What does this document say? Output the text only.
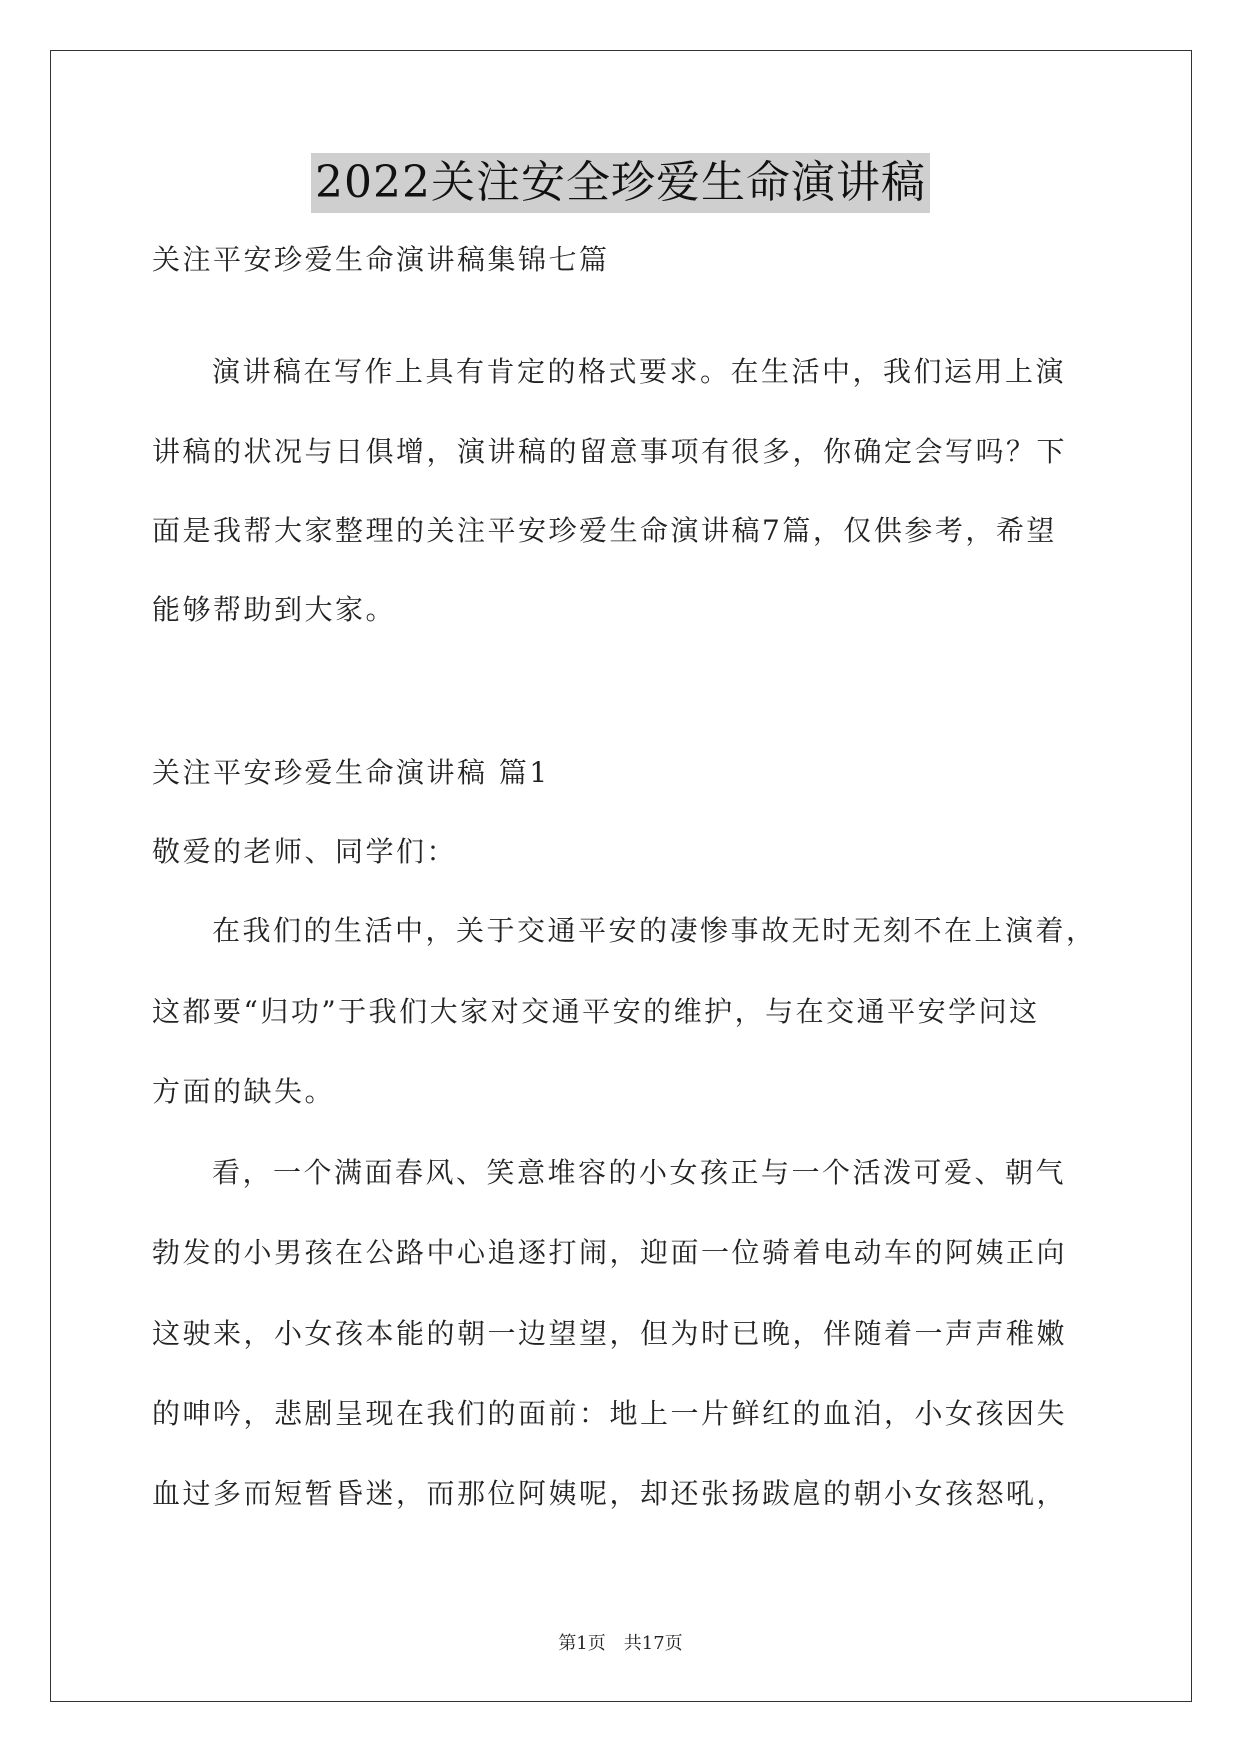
2022关注安全珍爱生命演讲稿
关注平安珍爱生命演讲稿集锦七篇
演讲稿在写作上具有肯定的格式要求。在生活中，我们运用上演
讲稿的状况与日俱增，演讲稿的留意事项有很多，你确定会写吗？下
面是我帮大家整理的关注平安珍爱生命演讲稿7篇，仅供参考，希望
能够帮助到大家。
关注平安珍爱生命演讲稿 篇1
敬爱的老师、同学们：
在我们的生活中，关于交通平安的凄惨事故无时无刻不在上演着，
这都要“归功”于我们大家对交通平安的维护，与在交通平安学问这
方面的缺失。
看，一个满面春风、笑意堆容的小女孩正与一个活泼可爱、朝气
勃发的小男孩在公路中心追逐打闹，迎面一位骑着电动车的阿姨正向
这驶来，小女孩本能的朝一边望望，但为时已晚，伴随着一声声稚嫩
的呻吟，悲剧呈现在我们的面前：地上一片鲜红的血泊，小女孩因失
血过多而短暂昏迷，而那位阿姨呢，却还张扬跋扈的朝小女孩怒吼，
第1页 共17页
